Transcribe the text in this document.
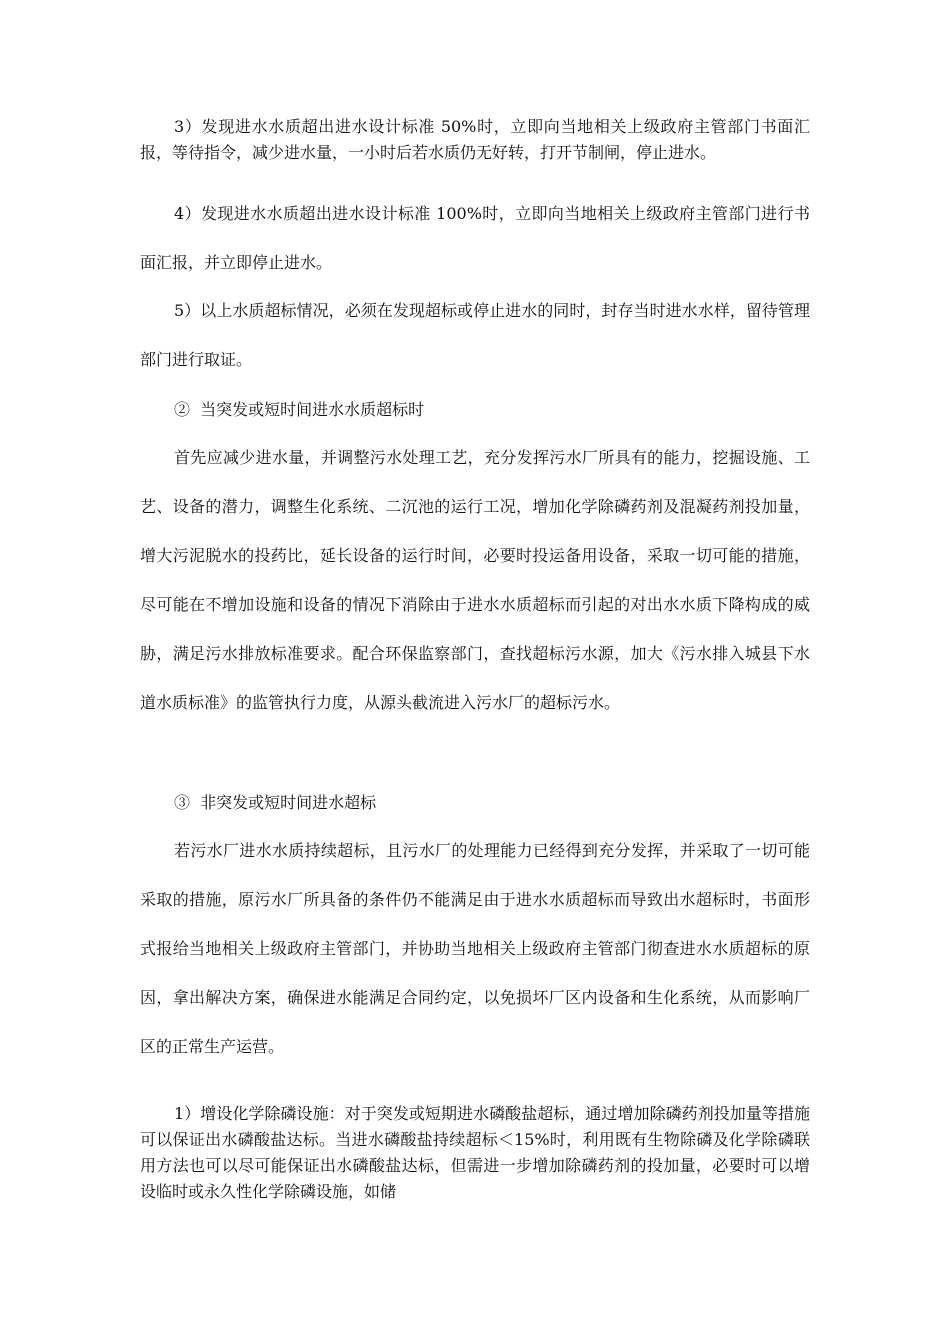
3）发现进水水质超出进水设计标准 50%时，立即向当地相关上级政府主管部门书面汇报，等待指令，减少进水量，一小时后若水质仍无好转，打开节制闸，停止进水。

4）发现进水水质超出进水设计标准 100%时，立即向当地相关上级政府主管部门进行书面汇报，并立即停止进水。

5）以上水质超标情况，必须在发现超标或停止进水的同时，封存当时进水水样，留待管理部门进行取证。

②  当突发或短时间进水水质超标时

首先应减少进水量，并调整污水处理工艺，充分发挥污水厂所具有的能力，挖掘设施、工艺、设备的潜力，调整生化系统、二沉池的运行工况，增加化学除磷药剂及混凝药剂投加量，增大污泥脱水的投药比，延长设备的运行时间，必要时投运备用设备，采取一切可能的措施，尽可能在不增加设施和设备的情况下消除由于进水水质超标而引起的对出水水质下降构成的威胁，满足污水排放标准要求。配合环保监察部门，查找超标污水源，加大《污水排入城县下水道水质标准》的监管执行力度，从源头截流进入污水厂的超标污水。

③  非突发或短时间进水超标

若污水厂进水水质持续超标，且污水厂的处理能力已经得到充分发挥，并采取了一切可能采取的措施，原污水厂所具备的条件仍不能满足由于进水水质超标而导致出水超标时，书面形式报给当地相关上级政府主管部门，并协助当地相关上级政府主管部门彻查进水水质超标的原因，拿出解决方案，确保进水能满足合同约定，以免损坏厂区内设备和生化系统，从而影响厂区的正常生产运营。

1）增设化学除磷设施：对于突发或短期进水磷酸盐超标，通过增加除磷药剂投加量等措施可以保证出水磷酸盐达标。当进水磷酸盐持续超标＜15%时，利用既有生物除磷及化学除磷联用方法也可以尽可能保证出水磷酸盐达标，但需进一步增加除磷药剂的投加量，必要时可以增设临时或永久性化学除磷设施，如储
